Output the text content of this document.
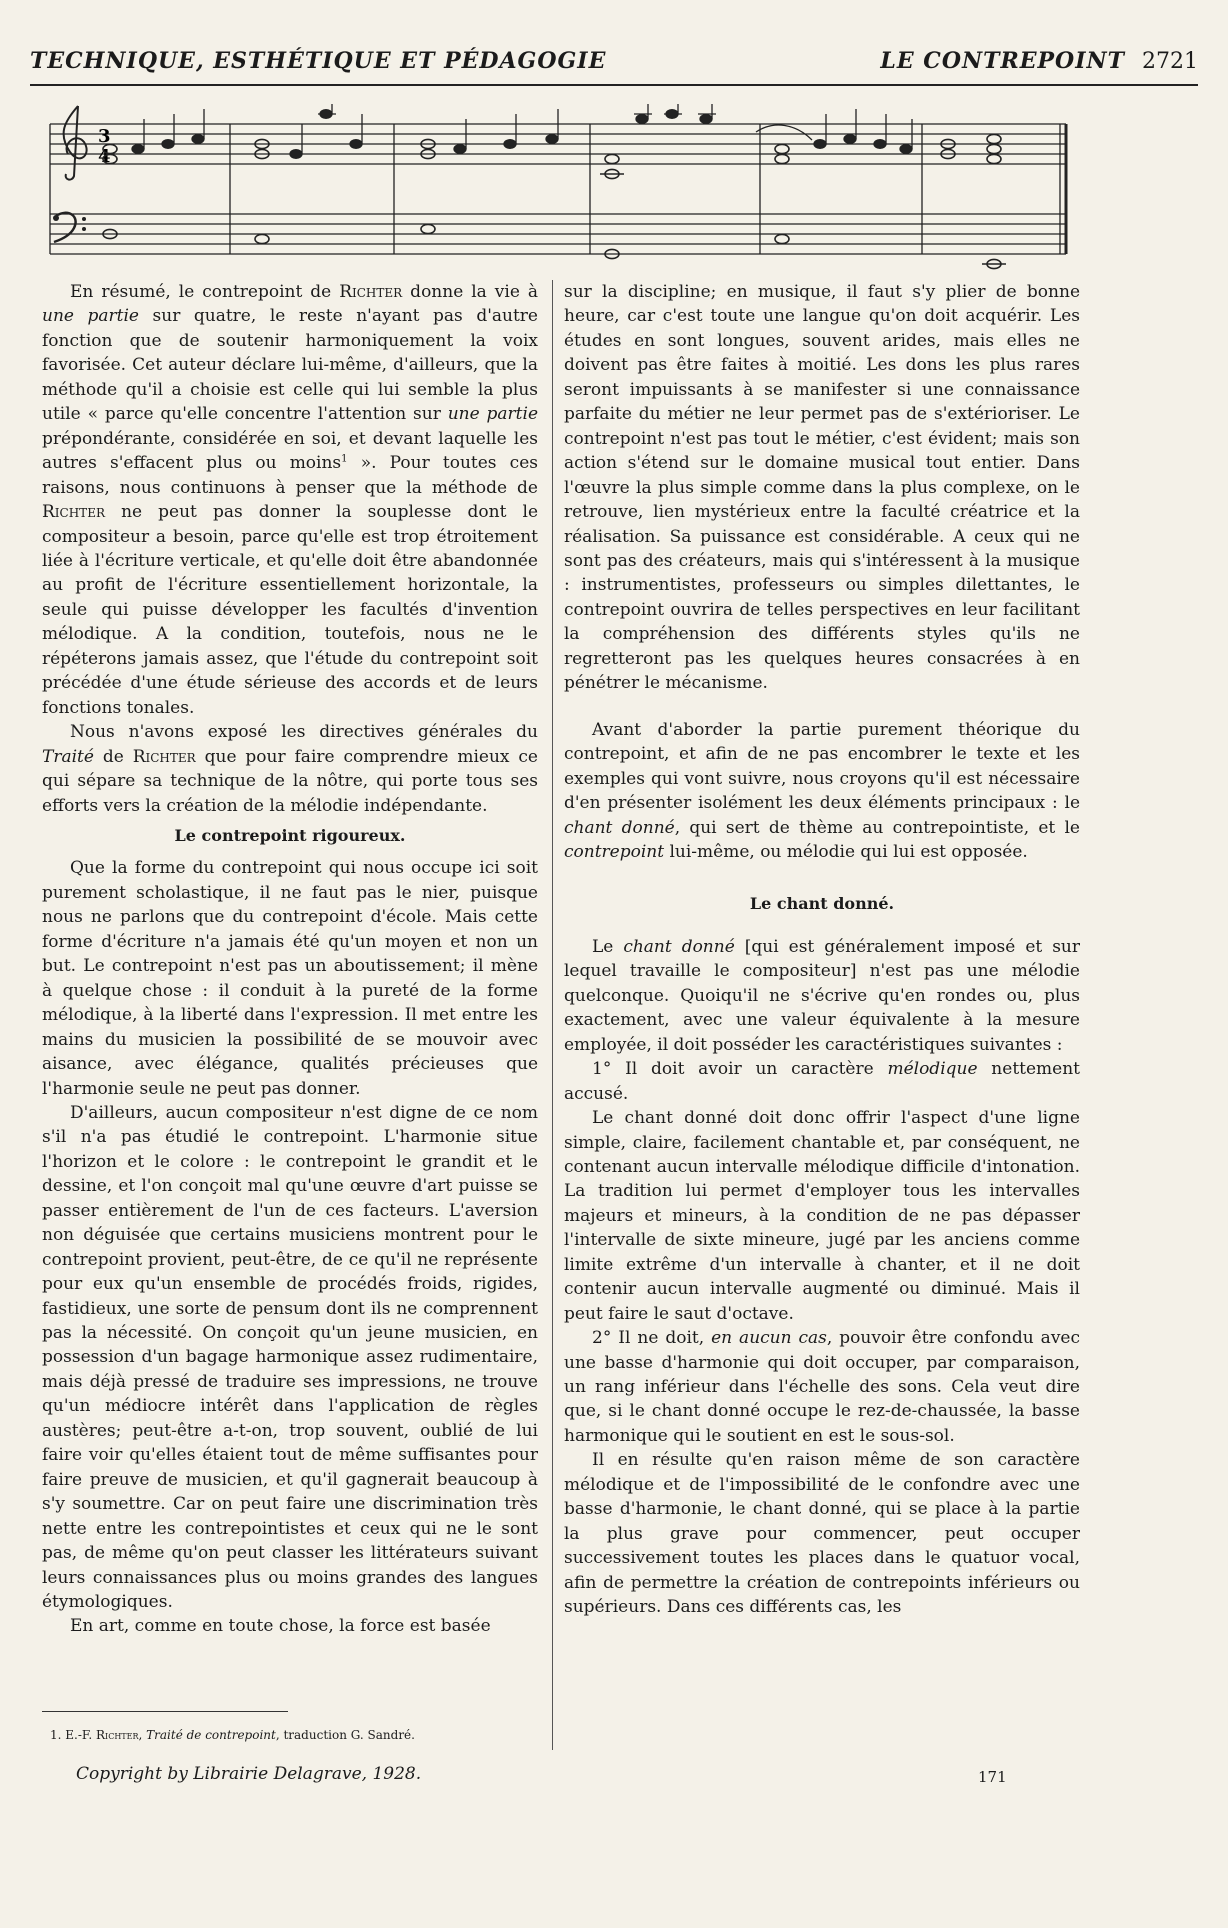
TECHNIQUE, ESTHÉTIQUE ET PÉDAGOGIE	LE CONTREPOINT 2721
3
4

En résumé, le contrepoint de Richter donne la vie à une partie sur quatre, le reste n'ayant pas d'autre fonction que de soutenir harmoniquement la voix favorisée. Cet auteur déclare lui-même, d'ailleurs, que la méthode qu'il a choisie est celle qui lui semble la plus utile « parce qu'elle concentre l'attention sur une partie prépondérante, considérée en soi, et devant laquelle les autres s'effacent plus ou moins$^1$ ». Pour toutes ces raisons, nous continuons à penser que la méthode de Richter ne peut pas donner la souplesse dont le compositeur a besoin, parce qu'elle est trop étroitement liée à l'écriture verticale, et qu'elle doit être abandonnée au profit de l'écriture essentiellement horizontale, la seule qui puisse développer les facultés d'invention mélodique. A la condition, toutefois, nous ne le répéterons jamais assez, que l'étude du contrepoint soit précédée d'une étude sérieuse des accords et de leurs fonctions tonales.

Nous n'avons exposé les directives générales du Traité de Richter que pour faire comprendre mieux ce qui sépare sa technique de la nôtre, qui porte tous ses efforts vers la création de la mélodie indépendante.

Le contrepoint rigoureux.

Que la forme du contrepoint qui nous occupe ici soit purement scholastique, il ne faut pas le nier, puisque nous ne parlons que du contrepoint d'école. Mais cette forme d'écriture n'a jamais été qu'un moyen et non un but. Le contrepoint n'est pas un aboutissement; il mène à quelque chose : il conduit à la pureté de la forme mélodique, à la liberté dans l'expression. Il met entre les mains du musicien la possibilité de se mouvoir avec aisance, avec élégance, qualités précieuses que l'harmonie seule ne peut pas donner.

D'ailleurs, aucun compositeur n'est digne de ce nom s'il n'a pas étudié le contrepoint. L'harmonie situe l'horizon et le colore : le contrepoint le grandit et le dessine, et l'on conçoit mal qu'une œuvre d'art puisse se passer entièrement de l'un de ces facteurs. L'aversion non déguisée que certains musiciens montrent pour le contrepoint provient, peut-être, de ce qu'il ne représente pour eux qu'un ensemble de procédés froids, rigides, fastidieux, une sorte de pensum dont ils ne comprennent pas la nécessité. On conçoit qu'un jeune musicien, en possession d'un bagage harmonique assez rudimentaire, mais déjà pressé de traduire ses impressions, ne trouve qu'un médiocre intérêt dans l'application de règles austères; peut-être a-t-on, trop souvent, oublié de lui faire voir qu'elles étaient tout de même suffisantes pour faire preuve de musicien, et qu'il gagnerait beaucoup à s'y soumettre. Car on peut faire une discrimination très nette entre les contrepointistes et ceux qui ne le sont pas, de même qu'on peut classer les littérateurs suivant leurs connaissances plus ou moins grandes des langues étymologiques.

En art, comme en toute chose, la force est basée

sur la discipline; en musique, il faut s'y plier de bonne heure, car c'est toute une langue qu'on doit acquérir. Les études en sont longues, souvent arides, mais elles ne doivent pas être faites à moitié. Les dons les plus rares seront impuissants à se manifester si une connaissance parfaite du métier ne leur permet pas de s'extérioriser. Le contrepoint n'est pas tout le métier, c'est évident; mais son action s'étend sur le domaine musical tout entier. Dans l'œuvre la plus simple comme dans la plus complexe, on le retrouve, lien mystérieux entre la faculté créatrice et la réalisation. Sa puissance est considérable. A ceux qui ne sont pas des créateurs, mais qui s'intéressent à la musique : instrumentistes, professeurs ou simples dilettantes, le contrepoint ouvrira de telles perspectives en leur facilitant la compréhension des différents styles qu'ils ne regretteront pas les quelques heures consacrées à en pénétrer le mécanisme.

Avant d'aborder la partie purement théorique du contrepoint, et afin de ne pas encombrer le texte et les exemples qui vont suivre, nous croyons qu'il est nécessaire d'en présenter isolément les deux éléments principaux : le chant donné, qui sert de thème au contrepointiste, et le contrepoint lui-même, ou mélodie qui lui est opposée.

Le chant donné.

Le chant donné [qui est généralement imposé et sur lequel travaille le compositeur] n'est pas une mélodie quelconque. Quoiqu'il ne s'écrive qu'en rondes ou, plus exactement, avec une valeur équivalente à la mesure employée, il doit posséder les caractéristiques suivantes :

1° Il doit avoir un caractère mélodique nettement accusé.

Le chant donné doit donc offrir l'aspect d'une ligne simple, claire, facilement chantable et, par conséquent, ne contenant aucun intervalle mélodique difficile d'intonation. La tradition lui permet d'employer tous les intervalles majeurs et mineurs, à la condition de ne pas dépasser l'intervalle de sixte mineure, jugé par les anciens comme limite extrême d'un intervalle à chanter, et il ne doit contenir aucun intervalle augmenté ou diminué. Mais il peut faire le saut d'octave.

2° Il ne doit, en aucun cas, pouvoir être confondu avec une basse d'harmonie qui doit occuper, par comparaison, un rang inférieur dans l'échelle des sons. Cela veut dire que, si le chant donné occupe le rez-de-chaussée, la basse harmonique qui le soutient en est le sous-sol.

Il en résulte qu'en raison même de son caractère mélodique et de l'impossibilité de le confondre avec une basse d'harmonie, le chant donné, qui se place à la partie la plus grave pour commencer, peut occuper successivement toutes les places dans le quatuor vocal, afin de permettre la création de contrepoints inférieurs ou supérieurs. Dans ces différents cas, les

1. E.-F. Richter, Traité de contrepoint, traduction G. Sandré.
Copyright by Librairie Delagrave, 1928.	171
